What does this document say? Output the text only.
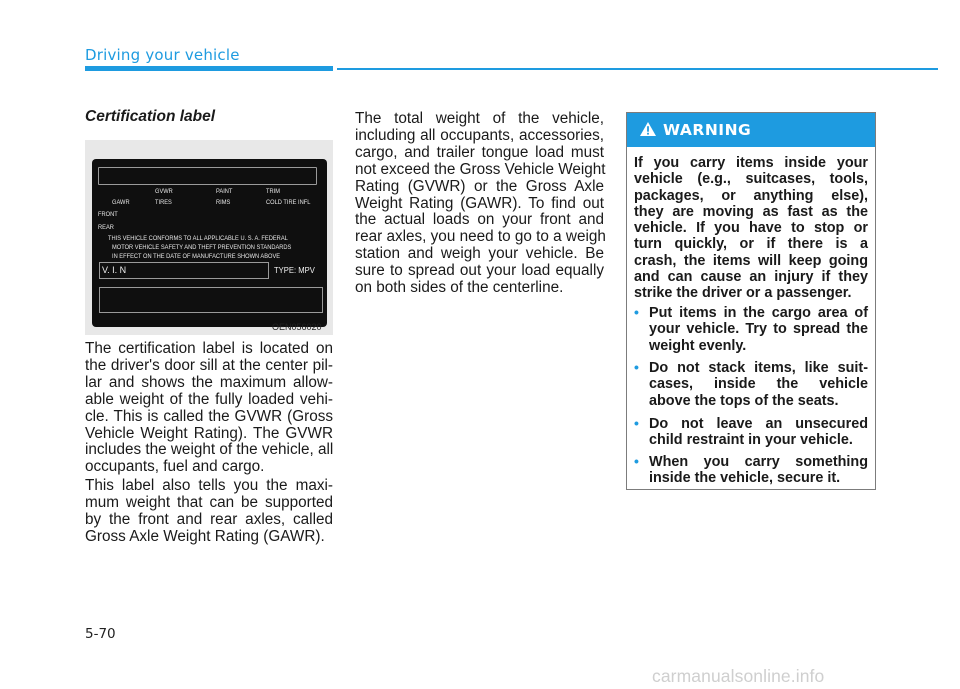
Driving your vehicle
Certification label
GVWR	PAINT	TRIM
GAWR	TIRES	RIMS	COLD TIRE INFL
FRONT
REAR
THIS VEHICLE CONFORMS TO ALL APPLICABLE U. S. A. FEDERAL
MOTOR VEHICLE SAFETY AND THEFT PREVENTION STANDARDS
IN EFFECT ON THE DATE OF MANUFACTURE SHOWN ABOVE
V. I. N	TYPE: MPV
OEN056020
The certification label is located on
the driver's door sill at the center pil-
lar and shows the maximum allow-
able weight of the fully loaded vehi-
cle. This is called the GVWR (Gross
Vehicle Weight Rating). The GVWR
includes the weight of the vehicle, all
occupants, fuel and cargo.
This label also tells you the maxi-
mum weight that can be supported
by the front and rear axles, called
Gross Axle Weight Rating (GAWR).
The total weight of the vehicle,
including all occupants, accessories,
cargo, and trailer tongue load must
not exceed the Gross Vehicle Weight
Rating (GVWR) or the Gross Axle
Weight Rating (GAWR). To find out
the actual loads on your front and
rear axles, you need to go to a weigh
station and weigh your vehicle. Be
sure to spread out your load equally
on both sides of the centerline.
WARNING
If you carry items inside your
vehicle (e.g., suitcases, tools,
packages, or anything else),
they are moving as fast as the
vehicle. If you have to stop or
turn quickly, or if there is a
crash, the items will keep going
and can cause an injury if they
strike the driver or a passenger.
• Put items in the cargo area of
your vehicle. Try to spread the
weight evenly.
• Do not stack items, like suit-
cases, inside the vehicle
above the tops of the seats.
• Do not leave an unsecured
child restraint in your vehicle.
• When you carry something
inside the vehicle, secure it.
5-70
carmanualsonline.info
